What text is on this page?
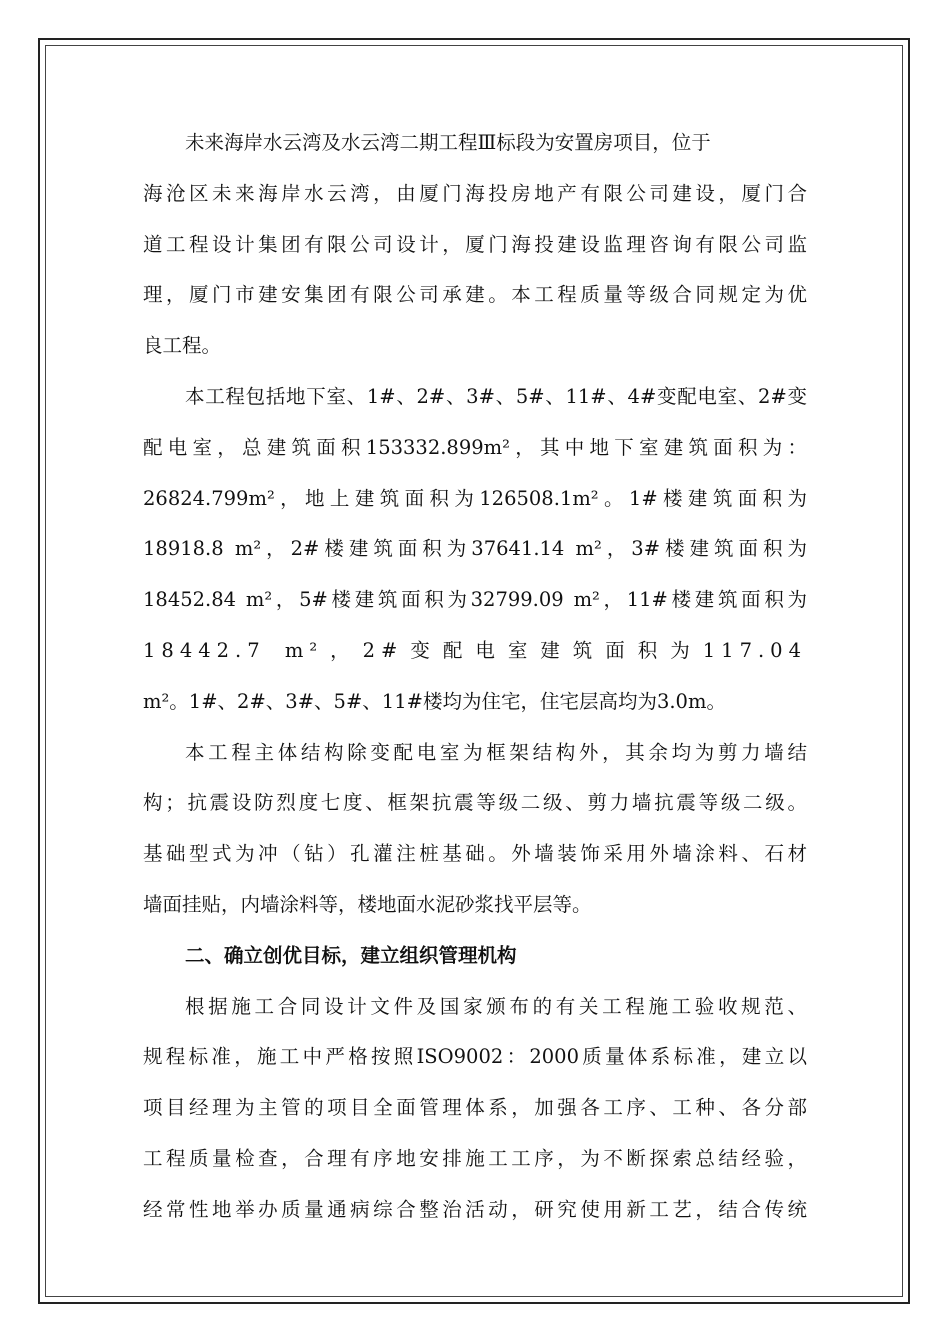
未来海岸水云湾及水云湾二期工程Ⅲ标段为安置房项目，位于
海沧区未来海岸水云湾，由厦门海投房地产有限公司建设，厦门合
道工程设计集团有限公司设计，厦门海投建设监理咨询有限公司监
理，厦门市建安集团有限公司承建。本工程质量等级合同规定为优
良工程。
本工程包括地下室、1#、2#、3#、5#、11#、4#变配电室、2#变
配电室，总建筑面积153332.899m²，其中地下室建筑面积为：
26824.799m²，地上建筑面积为126508.1m²。1#楼建筑面积为
18918.8 m²，2#楼建筑面积为37641.14 m²，3#楼建筑面积为
18452.84 m²，5#楼建筑面积为32799.09 m²，11#楼建筑面积为
18442.7 m²，2#变配电室建筑面积为117.04
m²。1#、2#、3#、5#、11#楼均为住宅，住宅层高均为3.0m。
本工程主体结构除变配电室为框架结构外，其余均为剪力墙结
构；抗震设防烈度七度、框架抗震等级二级、剪力墙抗震等级二级。
基础型式为冲（钻）孔灌注桩基础。外墙装饰采用外墙涂料、石材
墙面挂贴，内墙涂料等，楼地面水泥砂浆找平层等。
二、确立创优目标，建立组织管理机构
根据施工合同设计文件及国家颁布的有关工程施工验收规范、
规程标准，施工中严格按照ISO9002：2000质量体系标准，建立以
项目经理为主管的项目全面管理体系，加强各工序、工种、各分部
工程质量检查，合理有序地安排施工工序，为不断探索总结经验，
经常性地举办质量通病综合整治活动，研究使用新工艺，结合传统
